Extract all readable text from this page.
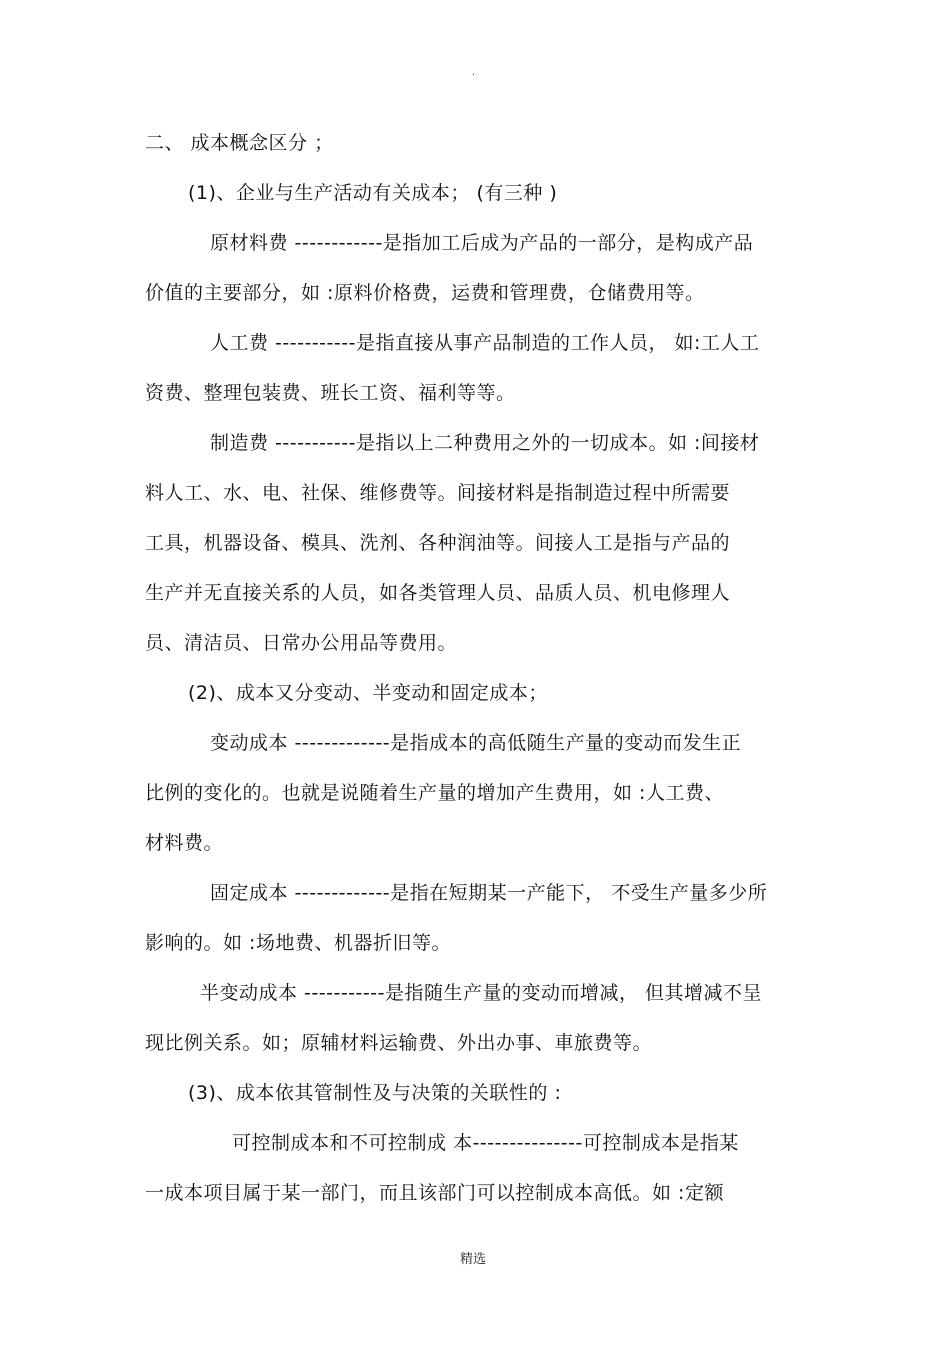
·
二、 成本概念区分 ；
(1)、企业与生产活动有关成本； (有三种 )
原材料费 ------------是指加工后成为产品的一部分，是构成产品
价值的主要部分，如 :原料价格费，运费和管理费，仓储费用等。
人工费 -----------是指直接从事产品制造的工作人员， 如:工人工
资费、整理包装费、班长工资、福利等等。
制造费 -----------是指以上二种费用之外的一切成本。如 :间接材
料人工、水、电、社保、维修费等。间接材料是指制造过程中所需要
工具，机器设备、模具、洗剂、各种润油等。间接人工是指与产品的
生产并无直接关系的人员，如各类管理人员、品质人员、机电修理人
员、清洁员、日常办公用品等费用。
(2)、成本又分变动、半变动和固定成本；
变动成本 -------------是指成本的高低随生产量的变动而发生正
比例的变化的。也就是说随着生产量的增加产生费用，如 :人工费、
材料费。
固定成本 -------------是指在短期某一产能下， 不受生产量多少所
影响的。如 :场地费、机器折旧等。
半变动成本 -----------是指随生产量的变动而增减， 但其增减不呈
现比例关系。如；原辅材料运输费、外出办事、車旅费等。
(3)、成本依其管制性及与决策的关联性的 :
可控制成本和不可控制成 本---------------可控制成本是指某
一成本项目属于某一部门，而且该部门可以控制成本高低。如 :定额
精选
